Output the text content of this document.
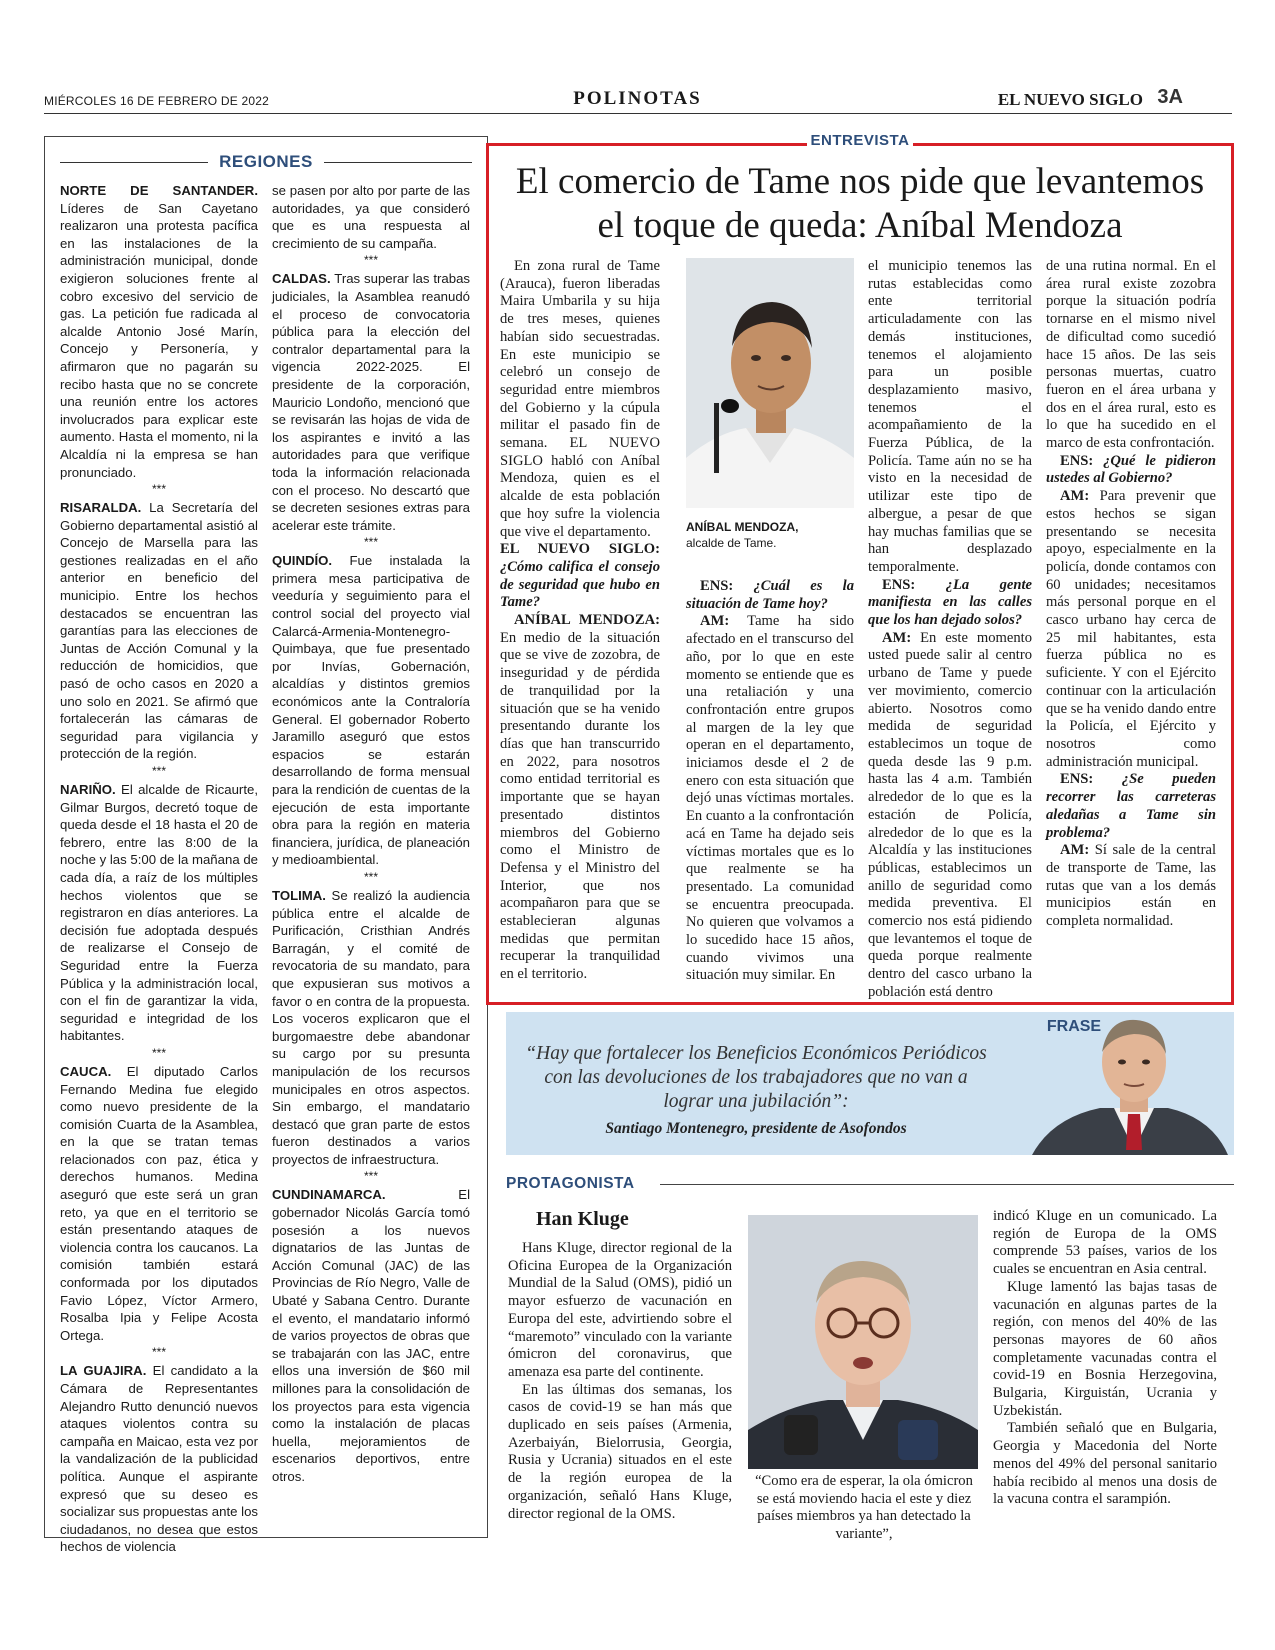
MIÉRCOLES 16 DE FEBRERO DE 2022	POLINOTAS	EL NUEVO SIGLO 3A
REGIONES

NORTE DE SANTANDER. Líderes de San Cayetano realizaron una protesta pacífica en las instalaciones de la administración municipal, donde exigieron soluciones frente al cobro excesivo del servicio de gas. La petición fue radicada al alcalde Antonio José Marín, Concejo y Personería, y afirmaron que no pagarán su recibo hasta que no se concrete una reunión entre los actores involucrados para explicar este aumento. Hasta el momento, ni la Alcaldía ni la empresa se han pronunciado.

***

RISARALDA. La Secretaría del Gobierno departamental asistió al Concejo de Marsella para las gestiones realizadas en el año anterior en beneficio del municipio. Entre los hechos destacados se encuentran las garantías para las elecciones de Juntas de Acción Comunal y la reducción de homicidios, que pasó de ocho casos en 2020 a uno solo en 2021. Se afirmó que fortalecerán las cámaras de seguridad para vigilancia y protección de la región.

***

NARIÑO. El alcalde de Ricaurte, Gilmar Burgos, decretó toque de queda desde el 18 hasta el 20 de febrero, entre las 8:00 de la noche y las 5:00 de la mañana de cada día, a raíz de los múltiples hechos violentos que se registraron en días anteriores. La decisión fue adoptada después de realizarse el Consejo de Seguridad entre la Fuerza Pública y la administración local, con el fin de garantizar la vida, seguridad e integridad de los habitantes.

***

CAUCA. El diputado Carlos Fernando Medina fue elegido como nuevo presidente de la comisión Cuarta de la Asamblea, en la que se tratan temas relacionados con paz, ética y derechos humanos. Medina aseguró que este será un gran reto, ya que en el territorio se están presentando ataques de violencia contra los caucanos. La comisión también estará conformada por los diputados Favio López, Víctor Armero, Rosalba Ipia y Felipe Acosta Ortega.

***

LA GUAJIRA. El candidato a la Cámara de Representantes Alejandro Rutto denunció nuevos ataques violentos contra su campaña en Maicao, esta vez por la vandalización de la publicidad política. Aunque el aspirante expresó que su deseo es socializar sus propuestas ante los ciudadanos, no desea que estos hechos de violencia

se pasen por alto por parte de las autoridades, ya que consideró que es una respuesta al crecimiento de su campaña.

***

CALDAS. Tras superar las trabas judiciales, la Asamblea reanudó el proceso de convocatoria pública para la elección del contralor departamental para la vigencia 2022-2025. El presidente de la corporación, Mauricio Londoño, mencionó que se revisarán las hojas de vida de los aspirantes e invitó a las autoridades para que verifique toda la información relacionada con el proceso. No descartó que se decreten sesiones extras para acelerar este trámite.

***

QUINDÍO. Fue instalada la primera mesa participativa de veeduría y seguimiento para el control social del proyecto vial Calarcá-Armenia-Montenegro-Quimbaya, que fue presentado por Invías, Gobernación, alcaldías y distintos gremios económicos ante la Contraloría General. El gobernador Roberto Jaramillo aseguró que estos espacios se estarán desarrollando de forma mensual para la rendición de cuentas de la ejecución de esta importante obra para la región en materia financiera, jurídica, de planeación y medioambiental.

***

TOLIMA. Se realizó la audiencia pública entre el alcalde de Purificación, Cristhian Andrés Barragán, y el comité de revocatoria de su mandato, para que expusieran sus motivos a favor o en contra de la propuesta. Los voceros explicaron que el burgomaestre debe abandonar su cargo por su presunta manipulación de los recursos municipales en otros aspectos. Sin embargo, el mandatario destacó que gran parte de estos fueron destinados a varios proyectos de infraestructura.

***

CUNDINAMARCA. El gobernador Nicolás García tomó posesión a los nuevos dignatarios de las Juntas de Acción Comunal (JAC) de las Provincias de Río Negro, Valle de Ubaté y Sabana Centro. Durante el evento, el mandatario informó de varios proyectos de obras que se trabajarán con las JAC, entre ellos una inversión de $60 mil millones para la consolidación de los proyectos para esta vigencia como la instalación de placas huella, mejoramientos de escenarios deportivos, entre otros.

ENTREVISTA
El comercio de Tame nos pide que levantemos el toque de queda: Aníbal Mendoza

En zona rural de Tame (Arauca), fueron liberadas Maira Umbarila y su hija de tres meses, quienes habían sido secuestradas. En este municipio se celebró un consejo de seguridad entre miembros del Gobierno y la cúpula militar el pasado fin de semana. EL NUEVO SIGLO habló con Aníbal Mendoza, quien es el alcalde de esta población que hoy sufre la violencia que vive el departamento.

EL NUEVO SIGLO: ¿Cómo califica el consejo de seguridad que hubo en Tame?

ANÍBAL MENDOZA: En medio de la situación que se vive de zozobra, de inseguridad y de pérdida de tranquilidad por la situación que se ha venido presentando durante los días que han transcurrido en 2022, para nosotros como entidad territorial es importante que se hayan presentado distintos miembros del Gobierno como el Ministro de Defensa y el Ministro del Interior, que nos acompañaron para que se establecieran algunas medidas que permitan recuperar la tranquilidad en el territorio.

ANÍBAL MENDOZA,
alcalde de Tame.

ENS: ¿Cuál es la situación de Tame hoy?

AM: Tame ha sido afectado en el transcurso del año, por lo que en este momento se entiende que es una retaliación y una confrontación entre grupos al margen de la ley que operan en el departamento, iniciamos desde el 2 de enero con esta situación que dejó unas víctimas mortales. En cuanto a la confrontación acá en Tame ha dejado seis víctimas mortales que es lo que realmente se ha presentado. La comunidad se encuentra preocupada. No quieren que volvamos a lo sucedido hace 15 años, cuando vivimos una situación muy similar. En

el municipio tenemos las rutas establecidas como ente territorial articuladamente con las demás instituciones, tenemos el alojamiento para un posible desplazamiento masivo, tenemos el acompañamiento de la Fuerza Pública, de la Policía. Tame aún no se ha visto en la necesidad de utilizar este tipo de albergue, a pesar de que hay muchas familias que se han desplazado temporalmente.

ENS: ¿La gente manifiesta en las calles que los han dejado solos?

AM: En este momento usted puede salir al centro urbano de Tame y puede ver movimiento, comercio abierto. Nosotros como medida de seguridad establecimos un toque de queda desde las 9 p.m. hasta las 4 a.m. También alrededor de lo que es la estación de Policía, alrededor de lo que es la Alcaldía y las instituciones públicas, establecimos un anillo de seguridad como medida preventiva. El comercio nos está pidiendo que levantemos el toque de queda porque realmente dentro del casco urbano la población está dentro

de una rutina normal. En el área rural existe zozobra porque la situación podría tornarse en el mismo nivel de dificultad como sucedió hace 15 años. De las seis personas muertas, cuatro fueron en el área urbana y dos en el área rural, esto es lo que ha sucedido en el marco de esta confrontación.

ENS: ¿Qué le pidieron ustedes al Gobierno?

AM: Para prevenir que estos hechos se sigan presentando se necesita apoyo, especialmente en la policía, donde contamos con 60 unidades; necesitamos más personal porque en el casco urbano hay cerca de 25 mil habitantes, esta fuerza pública no es suficiente. Y con el Ejército continuar con la articulación que se ha venido dando entre la Policía, el Ejército y nosotros como administración municipal.

ENS: ¿Se pueden recorrer las carreteras aledañas a Tame sin problema?

AM: Sí sale de la central de transporte de Tame, las rutas que van a los demás municipios están en completa normalidad.

FRASE
“Hay que fortalecer los Beneficios Económicos Periódicos con las devoluciones de los trabajadores que no van a lograr una jubilación”:
Santiago Montenegro, presidente de Asofondos
PROTAGONISTA
Han Kluge

Hans Kluge, director regional de la Oficina Europea de la Organización Mundial de la Salud (OMS), pidió un mayor esfuerzo de vacunación en Europa del este, advirtiendo sobre el “maremoto” vinculado con la variante ómicron del coronavirus, que amenaza esa parte del continente.

En las últimas dos semanas, los casos de covid-19 se han más que duplicado en seis países (Armenia, Azerbaiyán, Bielorrusia, Georgia, Rusia y Ucrania) situados en el este de la región europea de la organización, señaló Hans Kluge, director regional de la OMS.

“Como era de esperar, la ola ómicron se está moviendo hacia el este y diez países miembros ya han detectado la variante”,

indicó Kluge en un comunicado. La región de Europa de la OMS comprende 53 países, varios de los cuales se encuentran en Asia central.

Kluge lamentó las bajas tasas de vacunación en algunas partes de la región, con menos del 40% de las personas mayores de 60 años completamente vacunadas contra el covid-19 en Bosnia Herzegovina, Bulgaria, Kirguistán, Ucrania y Uzbekistán.

También señaló que en Bulgaria, Georgia y Macedonia del Norte menos del 49% del personal sanitario había recibido al menos una dosis de la vacuna contra el sarampión.
